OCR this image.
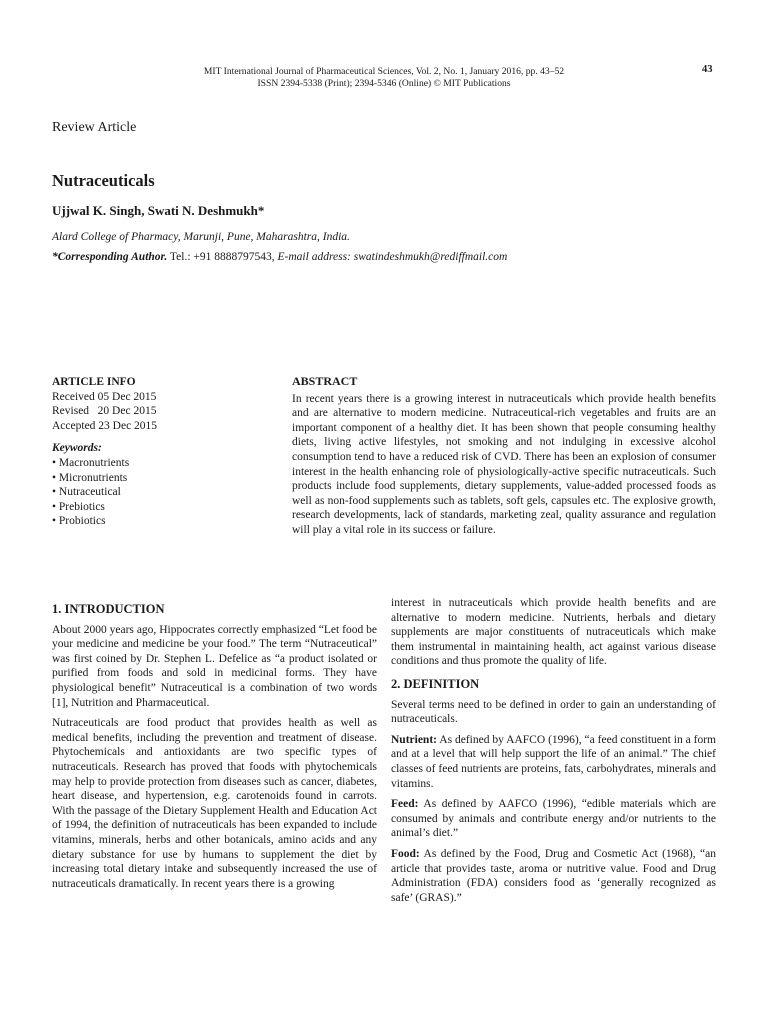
MIT International Journal of Pharmaceutical Sciences, Vol. 2, No. 1, January 2016, pp. 43–52
ISSN 2394-5338 (Print); 2394-5346 (Online) © MIT Publications
43
Review Article
Nutraceuticals
Ujjwal K. Singh, Swati N. Deshmukh*
Alard College of Pharmacy, Marunji, Pune, Maharashtra, India.
*Corresponding Author. Tel.: +91 8888797543, E-mail address: swatindeshmukh@rediffmail.com
ARTICLE INFO
Received 05 Dec 2015
Revised   20 Dec 2015
Accepted 23 Dec 2015
Keywords:
• Macronutrients
• Micronutrients
• Nutraceutical
• Prebiotics
• Probiotics
ABSTRACT

In recent years there is a growing interest in nutraceuticals which provide health benefits and are alternative to modern medicine. Nutraceutical-rich vegetables and fruits are an important component of a healthy diet. It has been shown that people consuming healthy diets, living active lifestyles, not smoking and not indulging in excessive alcohol consumption tend to have a reduced risk of CVD. There has been an explosion of consumer interest in the health enhancing role of physiologically-active specific nutraceuticals. Such products include food supplements, dietary supplements, value-added processed foods as well as non-food supplements such as tablets, soft gels, capsules etc. The explosive growth, research developments, lack of standards, marketing zeal, quality assurance and regulation will play a vital role in its success or failure.

1. INTRODUCTION

About 2000 years ago, Hippocrates correctly emphasized “Let food be your medicine and medicine be your food.” The term “Nutraceutical” was first coined by Dr. Stephen L. Defelice as “a product isolated or purified from foods and sold in medicinal forms. They have physiological benefit” Nutraceutical is a combination of two words [1], Nutrition and Pharmaceutical.

Nutraceuticals are food product that provides health as well as medical benefits, including the prevention and treatment of disease. Phytochemicals and antioxidants are two specific types of nutraceuticals. Research has proved that foods with phytochemicals may help to provide protection from diseases such as cancer, diabetes, heart disease, and hypertension, e.g. carotenoids found in carrots. With the passage of the Dietary Supplement Health and Education Act of 1994, the definition of nutraceuticals has been expanded to include vitamins, minerals, herbs and other botanicals, amino acids and any dietary substance for use by humans to supplement the diet by increasing total dietary intake and subsequently increased the use of nutraceuticals dramatically. In recent years there is a growing

interest in nutraceuticals which provide health benefits and are alternative to modern medicine. Nutrients, herbals and dietary supplements are major constituents of nutraceuticals which make them instrumental in maintaining health, act against various disease conditions and thus promote the quality of life.

2. DEFINITION

Several terms need to be defined in order to gain an understanding of nutraceuticals.

Nutrient: As defined by AAFCO (1996), “a feed constituent in a form and at a level that will help support the life of an animal.” The chief classes of feed nutrients are proteins, fats, carbohydrates, minerals and vitamins.

Feed: As defined by AAFCO (1996), “edible materials which are consumed by animals and contribute energy and/or nutrients to the animal’s diet.”

Food: As defined by the Food, Drug and Cosmetic Act (1968), “an article that provides taste, aroma or nutritive value. Food and Drug Administration (FDA) considers food as ‘generally recognized as safe’ (GRAS).”
